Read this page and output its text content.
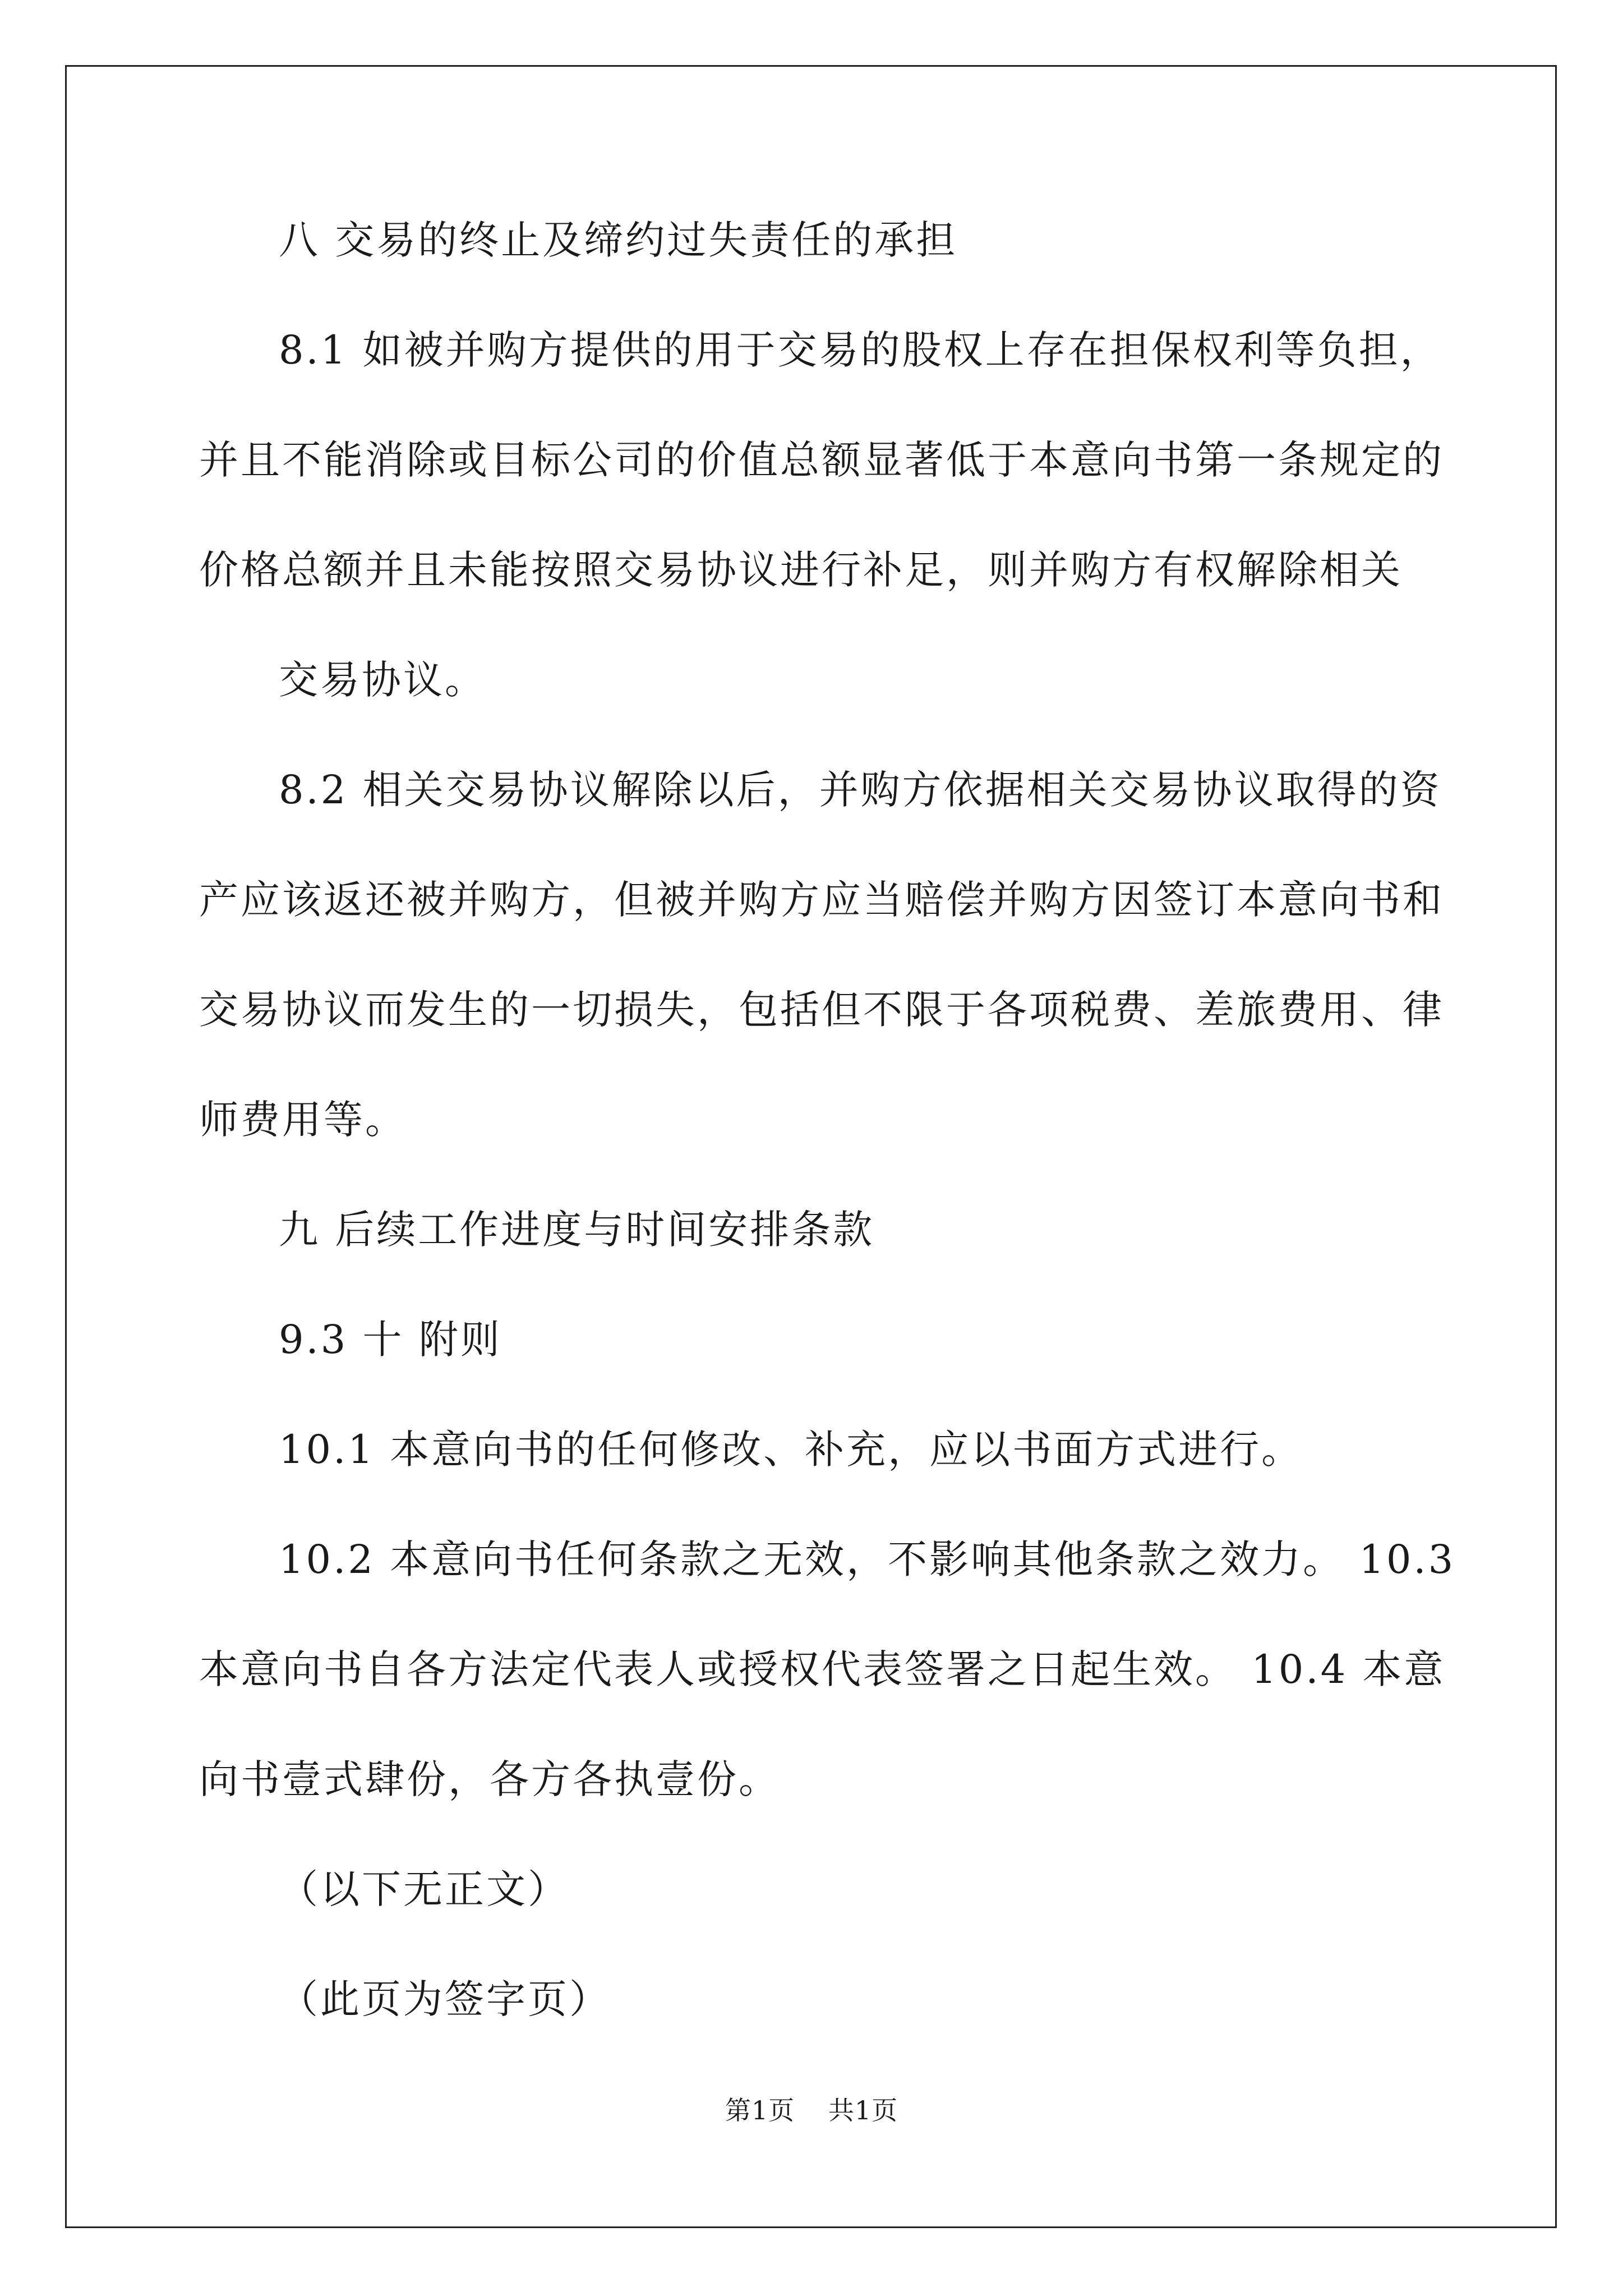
八 交易的终止及缔约过失责任的承担
8.1 如被并购方提供的用于交易的股权上存在担保权利等负担，
并且不能消除或目标公司的价值总额显著低于本意向书第一条规定的
价格总额并且未能按照交易协议进行补足，则并购方有权解除相关
交易协议。
8.2 相关交易协议解除以后，并购方依据相关交易协议取得的资
产应该返还被并购方，但被并购方应当赔偿并购方因签订本意向书和
交易协议而发生的一切损失，包括但不限于各项税费、差旅费用、律
师费用等。
九 后续工作进度与时间安排条款
9.3 十 附则
10.1 本意向书的任何修改、补充，应以书面方式进行。
10.2 本意向书任何条款之无效，不影响其他条款之效力。 10.3
本意向书自各方法定代表人或授权代表签署之日起生效。 10.4 本意
向书壹式肆份，各方各执壹份。
（以下无正文）
（此页为签字页）
第1页 共1页
